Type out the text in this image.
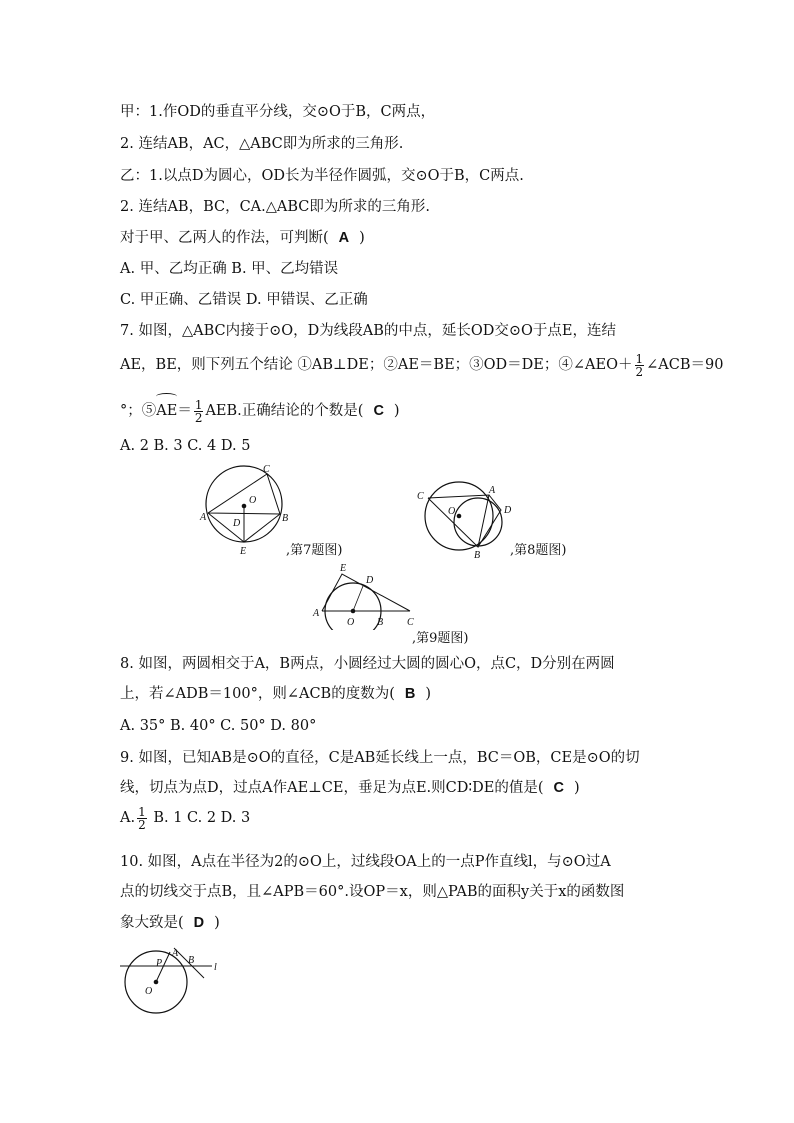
甲：1.作OD的垂直平分线，交⊙O于B，C两点，
2. 连结AB，AC，△ABC即为所求的三角形.
乙：1.以点D为圆心，OD长为半径作圆弧，交⊙O于B，C两点.
2. 连结AB，BC，CA.△ABC即为所求的三角形.
对于甲、乙两人的作法，可判断( A )
A. 甲、乙均正确 B. 甲、乙均错误
C. 甲正确、乙错误 D. 甲错误、乙正确
7. 如图，△ABC内接于⊙O，D为线段AB的中点，延长OD交⊙O于点E，连结
AE，BE，则下列五个结论 ①AB⊥DE；②AE＝BE；③OD＝DE；④∠AEO＋ $\frac{1}{2}$ ∠ACB＝90
°；⑤AE＝ $\frac{1}{2}$ AEB.正确结论的个数是( C )
A. 2 B. 3 C. 4 D. 5
C
O
A
D	B
E	,第7题图)
C
A
O	D
B ,第8题图)
E
D
A
O B C
,第9题图)
8. 如图，两圆相交于A，B两点，小圆经过大圆的圆心O，点C，D分别在两圆
上，若∠ADB＝100°，则∠ACB的度数为( B )
A. 35° B. 40° C. 50° D. 80°
9. 如图，已知AB是⊙O的直径，C是AB延长线上一点，BC＝OB，CE是⊙O的切
线，切点为点D，过点A作AE⊥CE，垂足为点E.则CD∶DE的值是( C )
A. $\frac{1}{2} B$. 1 C. 2 D. 3
10. 如图，A点在半径为2的⊙O上，过线段OA上的一点P作直线l，与⊙O过A
点的切线交于点B，且∠APB＝60°.设OP＝x，则△PAB的面积y关于x的函数图
象大致是( D )
A
P	B
l
O
